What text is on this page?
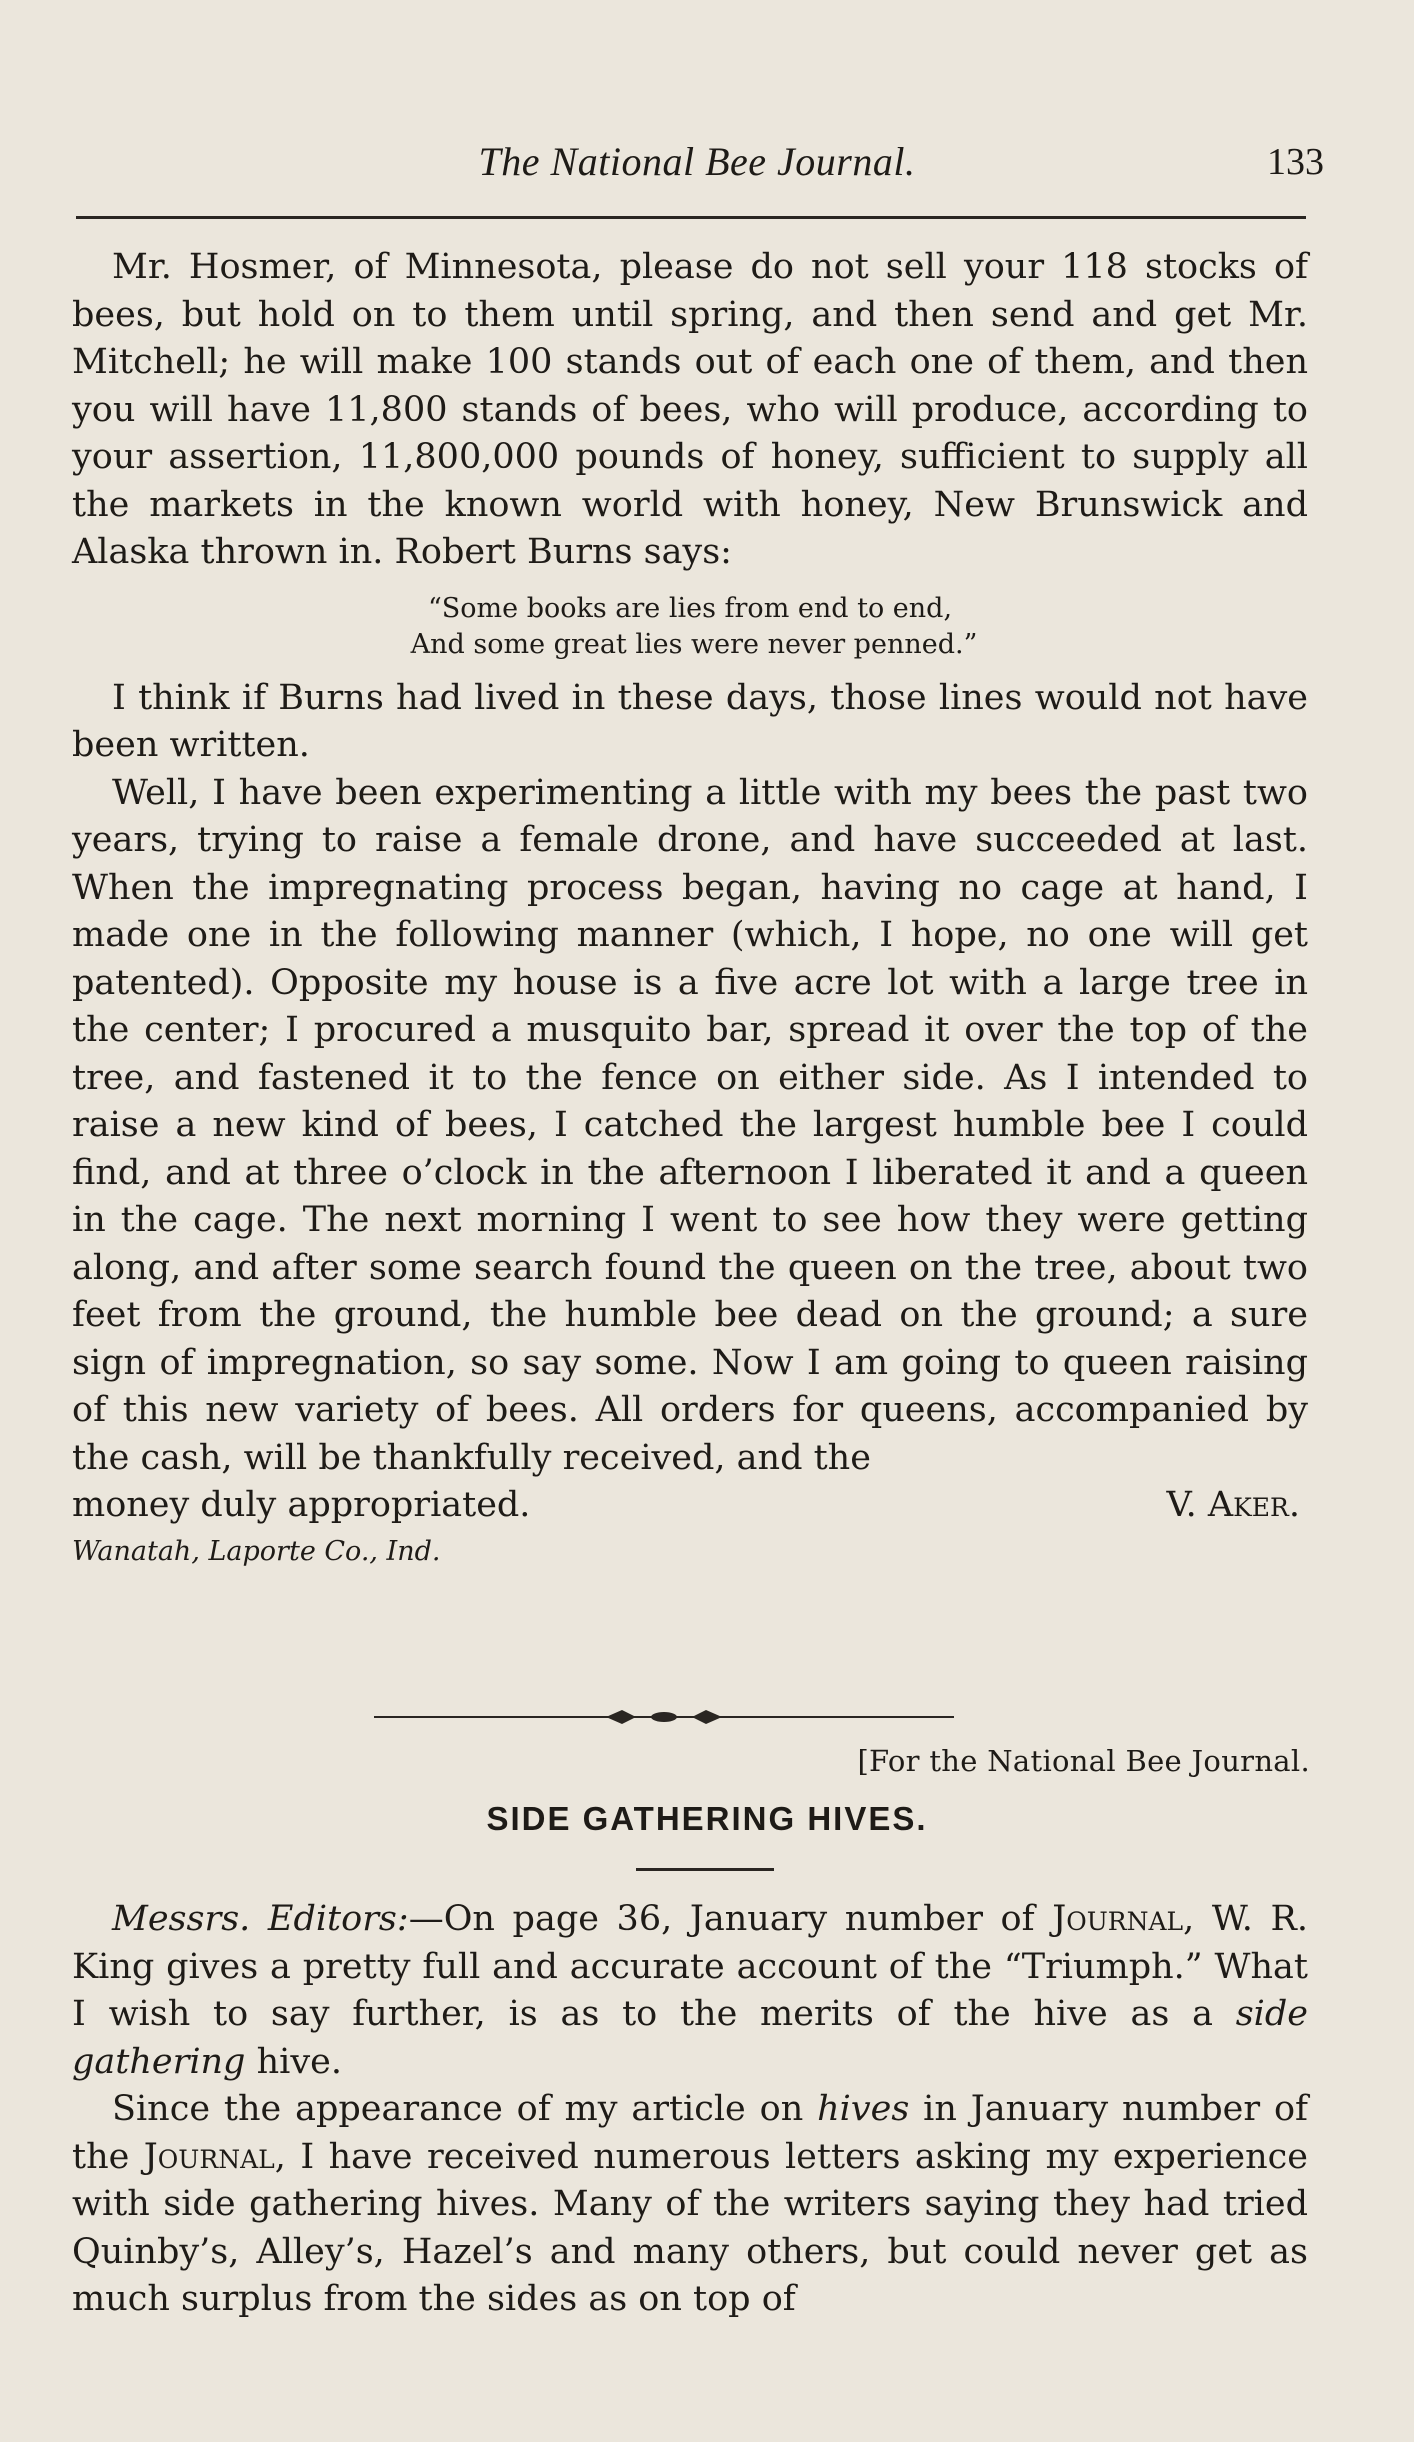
The National Bee Journal.	133

Mr. Hosmer, of Minnesota, please do not sell your 118 stocks of bees, but hold on to them until spring, and then send and get Mr. Mitchell; he will make 100 stands out of each one of them, and then you will have 11,800 stands of bees, who will produce, according to your assertion, 11,800,000 pounds of honey, sufficient to supply all the markets in the known world with honey, New Brunswick and Alaska thrown in. Robert Burns says:

“Some books are lies from end to end,
And some great lies were never penned.”

I think if Burns had lived in these days, those lines would not have been written.

Well, I have been experimenting a little with my bees the past two years, trying to raise a female drone, and have succeeded at last. When the impregnating process began, having no cage at hand, I made one in the following manner (which, I hope, no one will get patented). Opposite my house is a five acre lot with a large tree in the center; I procured a musquito bar, spread it over the top of the tree, and fastened it to the fence on either side. As I intended to raise a new kind of bees, I catched the largest humble bee I could find, and at three o’clock in the afternoon I liberated it and a queen in the cage. The next morning I went to see how they were getting along, and after some search found the queen on the tree, about two feet from the ground, the humble bee dead on the ground; a sure sign of impregnation, so say some. Now I am going to queen raising of this new variety of bees. All orders for queens, accompanied by the cash, will be thankfully received, and the

money duly appropriated.	V. Aker.
Wanatah, Laporte Co., Ind.
[For the National Bee Journal.
SIDE GATHERING HIVES.

Messrs. Editors:—On page 36, January number of Journal, W. R. King gives a pretty full and accurate account of the “Triumph.” What I wish to say further, is as to the merits of the hive as a side gathering hive.

Since the appearance of my article on hives in January number of the Journal, I have received numerous letters asking my experience with side gathering hives. Many of the writers saying they had tried Quinby’s, Alley’s, Hazel’s and many others, but could never get as much surplus from the sides as on top of
